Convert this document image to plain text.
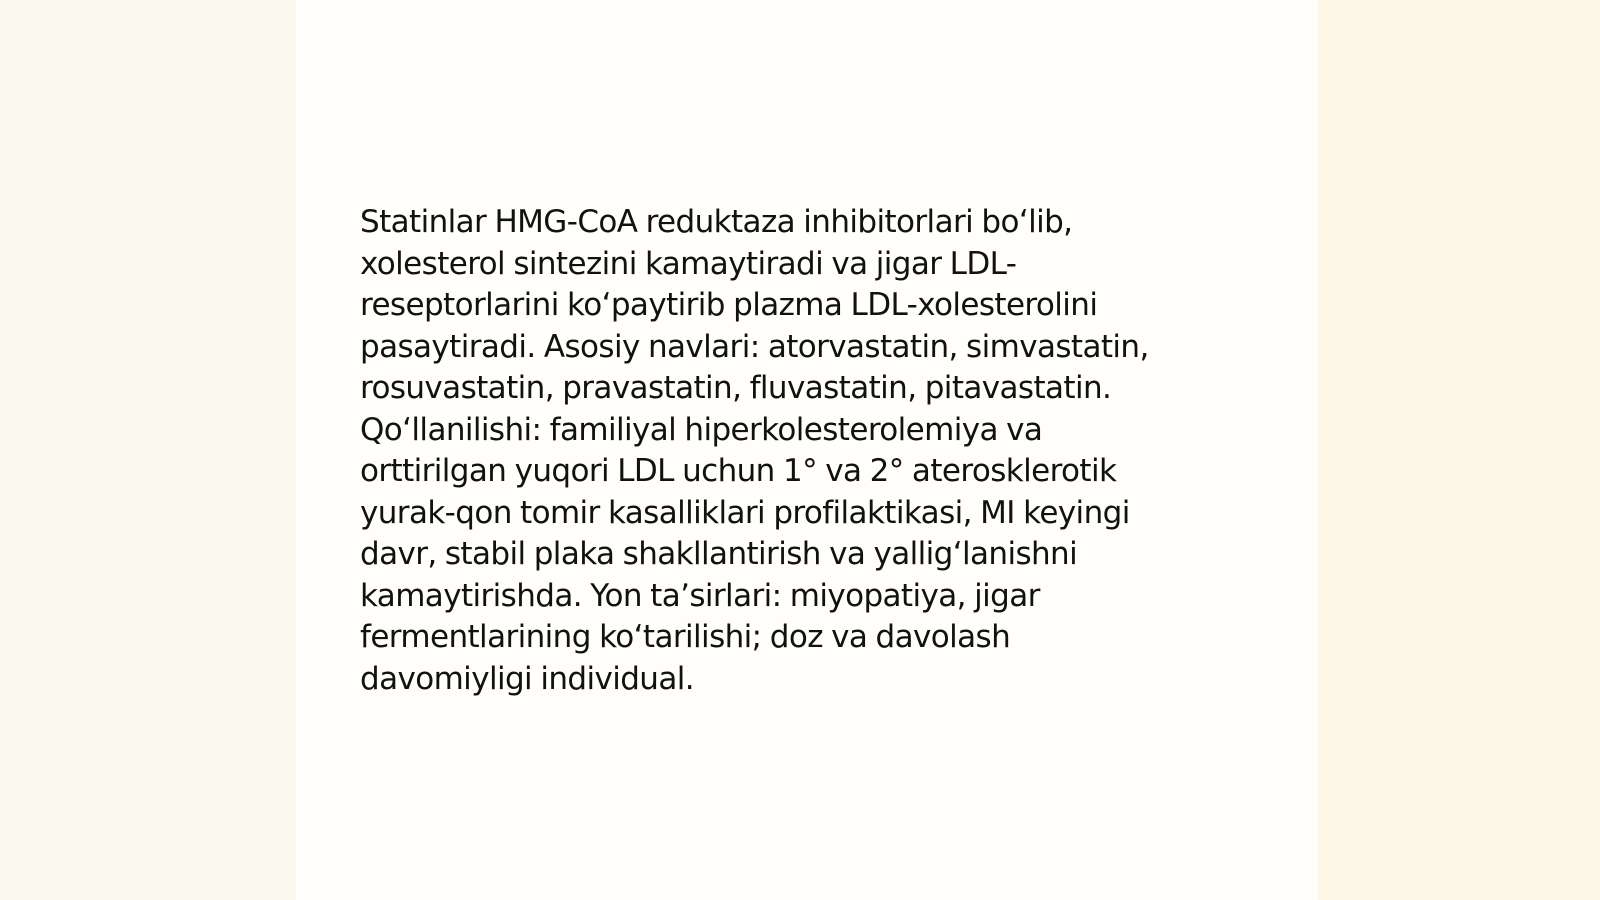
Statinlar HMG-CoA reduktaza inhibitorlari bo‘lib,
xolesterol sintezini kamaytiradi va jigar LDL-
reseptorlarini ko‘paytirib plazma LDL-xolesterolini
pasaytiradi. Asosiy navlari: atorvastatin, simvastatin,
rosuvastatin, pravastatin, fluvastatin, pitavastatin.
Qo‘llanilishi: familiyal hiperkolesterolemiya va
orttirilgan yuqori LDL uchun 1° va 2° aterosklerotik
yurak-qon tomir kasalliklari profilaktikasi, MI keyingi
davr, stabil plaka shakllantirish va yallig‘lanishni
kamaytirishda. Yon ta’sirlari: miyopatiya, jigar
fermentlarining ko‘tarilishi; doz va davolash
davomiyligi individual.
